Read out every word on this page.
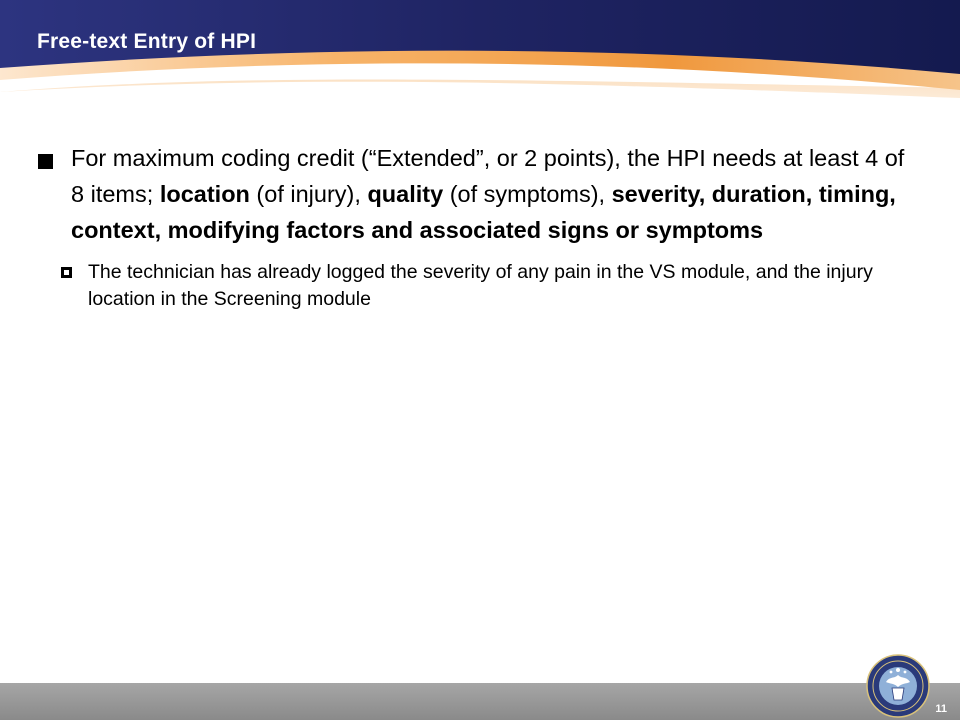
Free-text Entry of HPI
For maximum coding credit (“Extended”, or 2 points), the HPI needs at least 4 of 8 items; location (of injury), quality (of symptoms), severity, duration, timing, context, modifying factors and associated signs or symptoms
The technician has already logged the severity of any pain in the VS module, and the injury location in the Screening module
11
